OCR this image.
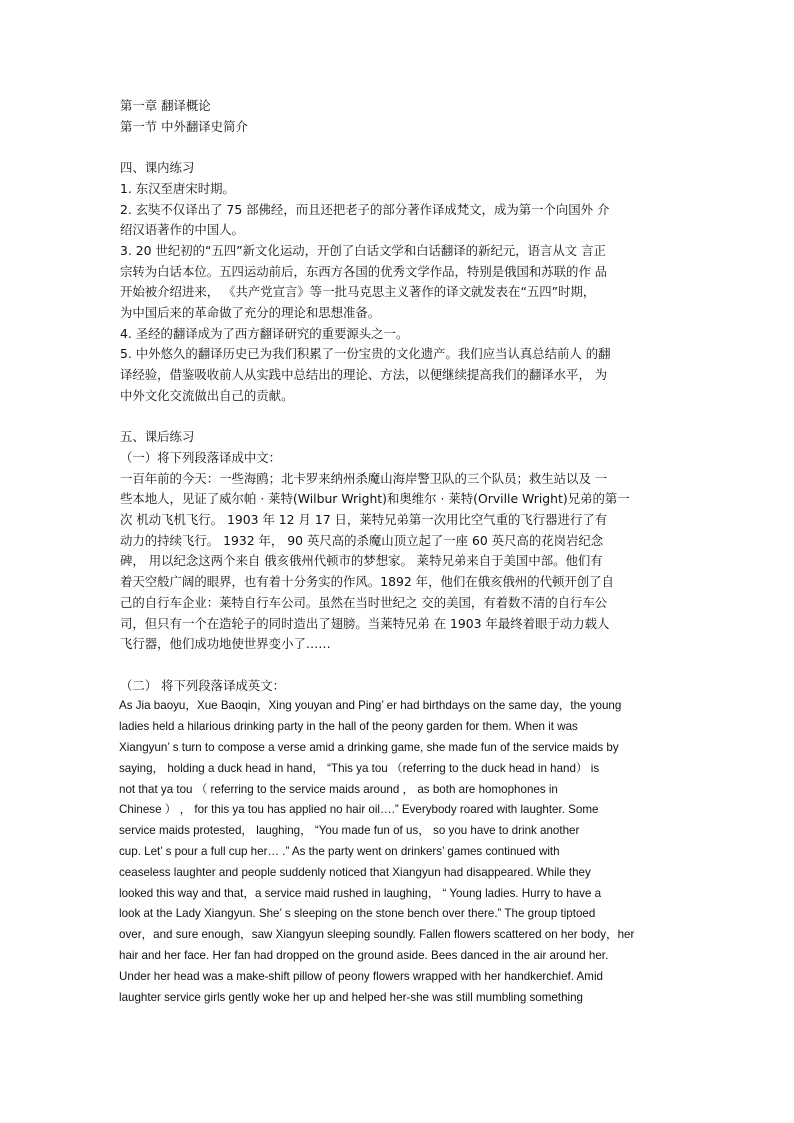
第一章 翻译概论

第一节 中外翻译史简介

四、课内练习

1. 东汉至唐宋时期。

2. 玄奘不仅译出了 75 部佛经，而且还把老子的部分著作译成梵文，成为第一个向国外 介

绍汉语著作的中国人。

3. 20 世纪初的“五四”新文化运动，开创了白话文学和白话翻译的新纪元，语言从文 言正

宗转为白话本位。五四运动前后，东西方各国的优秀文学作品，特别是俄国和苏联的作 品

开始被介绍进来， 《共产党宣言》等一批马克思主义著作的译文就发表在“五四”时期，

为中国后来的革命做了充分的理论和思想准备。

4. 圣经的翻译成为了西方翻译研究的重要源头之一。

5. 中外悠久的翻译历史已为我们积累了一份宝贵的文化遗产。我们应当认真总结前人 的翻

译经验，借鉴吸收前人从实践中总结出的理论、方法，以便继续提高我们的翻译水平， 为

中外文化交流做出自己的贡献。

五、课后练习

（一）将下列段落译成中文：

一百年前的今天：一些海鸥；北卡罗来纳州杀魔山海岸警卫队的三个队员；救生站以及 一

些本地人，见证了威尔帕 · 莱特(Wilbur Wright)和奥维尔 · 莱特(Orville Wright)兄弟的第一

次 机动飞机飞行。 1903 年 12 月 17 日，莱特兄弟第一次用比空气重的飞行器进行了有

动力的持续飞行。 1932 年， 90 英尺高的杀魔山顶立起了一座 60 英尺高的花岗岩纪念

碑， 用以纪念这两个来自 俄亥俄州代顿市的梦想家。 莱特兄弟来自于美国中部。他们有

着天空般广阔的眼界，也有着十分务实的作风。1892 年，他们在俄亥俄州的代顿开创了自

己的自行车企业：莱特自行车公司。虽然在当时世纪之 交的美国，有着数不清的自行车公

司，但只有一个在造轮子的同时造出了翅膀。当莱特兄弟 在 1903 年最终着眼于动力载人

飞行器，他们成功地使世界变小了……

（二） 将下列段落译成英文：

As Jia baoyu，Xue Baoqin，Xing youyan and Ping’ er had birthdays on the same day，the young

ladies held a hilarious drinking party in the hall of the peony garden for them. When it was

Xiangyun’ s turn to compose a verse amid a drinking game, she made fun of the service maids by

saying， holding a duck head in hand， “This ya tou （referring to the duck head in hand） is

not that ya tou （ referring to the service maids around ， as both are homophones in

Chinese ） ， for this ya tou has applied no hair oil….” Everybody roared with laughter. Some

service maids protested， laughing， “You made fun of us， so you have to drink another

cup. Let’ s pour a full cup her… .” As the party went on drinkers’ games continued with

ceaseless laughter and people suddenly noticed that Xiangyun had disappeared. While they

looked this way and that，a service maid rushed in laughing， “ Young ladies. Hurry to have a

look at the Lady Xiangyun. She’ s sleeping on the stone bench over there.” The group tiptoed

over，and sure enough，saw Xiangyun sleeping soundly. Fallen flowers scattered on her body，her

hair and her face. Her fan had dropped on the ground aside. Bees danced in the air around her.

Under her head was a make-shift pillow of peony flowers wrapped with her handkerchief. Amid

laughter service girls gently woke her up and helped her-she was still mumbling something
